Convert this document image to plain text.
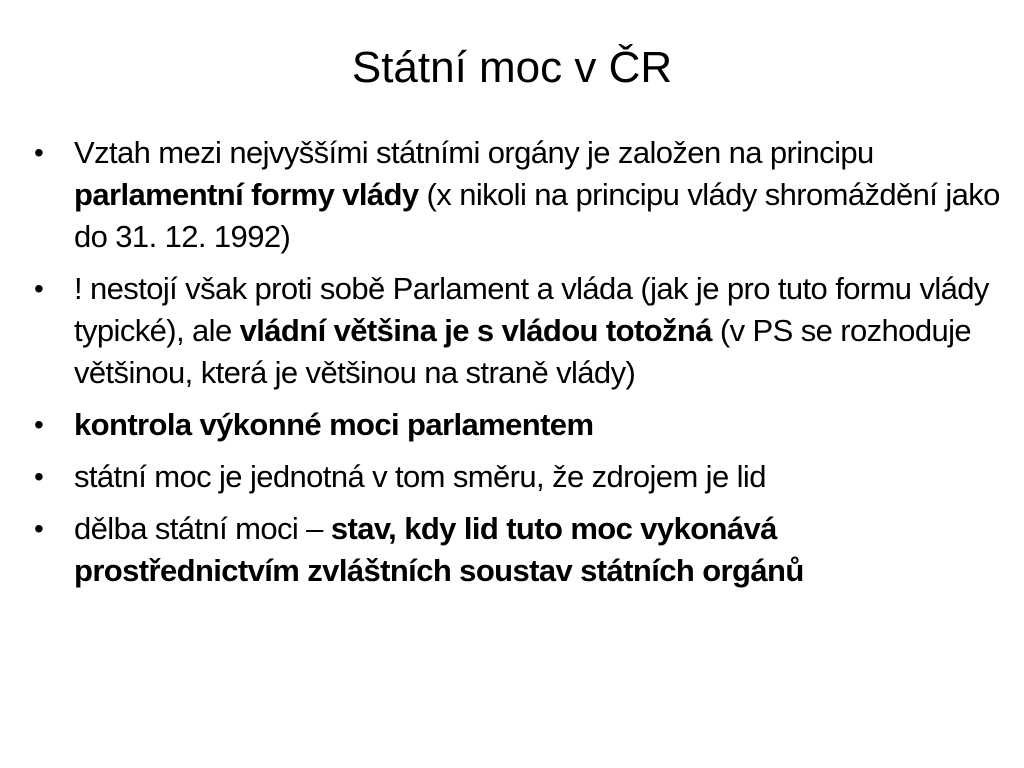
Státní moc v ČR
• Vztah mezi nejvyššími státními orgány je založen na principu parlamentní formy vlády (x nikoli na principu vlády shromáždění jako do 31. 12. 1992)
• ! nestojí však proti sobě Parlament a vláda (jak je pro tuto formu vlády typické), ale vládní většina je s vládou totožná (v PS se rozhoduje většinou, která je většinou na straně vlády)
• kontrola výkonné moci parlamentem
• státní moc je jednotná v tom směru, že zdrojem je lid
• dělba státní moci – stav, kdy lid tuto moc vykonává prostřednictvím zvláštních soustav státních orgánů
